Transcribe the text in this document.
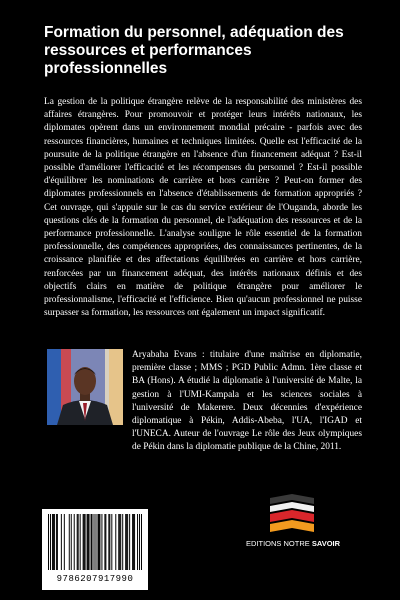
Formation du personnel, adéquation des ressources et performances professionnelles

La gestion de la politique étrangère relève de la responsabilité des ministères des affaires étrangères. Pour promouvoir et protéger leurs intérêts nationaux, les diplomates opèrent dans un environnement mondial précaire - parfois avec des ressources financières, humaines et techniques limitées. Quelle est l'efficacité de la poursuite de la politique étrangère en l'absence d'un financement adéquat ? Est-il possible d'améliorer l'efficacité et les récompenses du personnel ? Est-il possible d'équilibrer les nominations de carrière et hors carrière ? Peut-on former des diplomates professionnels en l'absence d'établissements de formation appropriés ? Cet ouvrage, qui s'appuie sur le cas du service extérieur de l'Ouganda, aborde les questions clés de la formation du personnel, de l'adéquation des ressources et de la performance professionnelle. L'analyse souligne le rôle essentiel de la formation professionnelle, des compétences appropriées, des connaissances pertinentes, de la croissance planifiée et des affectations équilibrées en carrière et hors carrière, renforcées par un financement adéquat, des intérêts nationaux définis et des objectifs clairs en matière de politique étrangère pour améliorer le professionnalisme, l'efficacité et l'efficience. Bien qu'aucun professionnel ne puisse surpasser sa formation, les ressources ont également un impact significatif.

Aryabaha Evans : titulaire d'une maîtrise en diplomatie, première classe ; MMS ; PGD Public Admn. 1ère classe et BA (Hons). A étudié la diplomatie à l'université de Malte, la gestion à l'UMI-Kampala et les sciences sociales à l'université de Makerere. Deux décennies d'expérience diplomatique à Pékin, Addis-Abeba, l'UA, l'IGAD et l'UNECA. Auteur de l'ouvrage Le rôle des Jeux olympiques de Pékin dans la diplomatie publique de la Chine, 2011.

EDITIONS NOTRE SAVOIR
9786207917990
